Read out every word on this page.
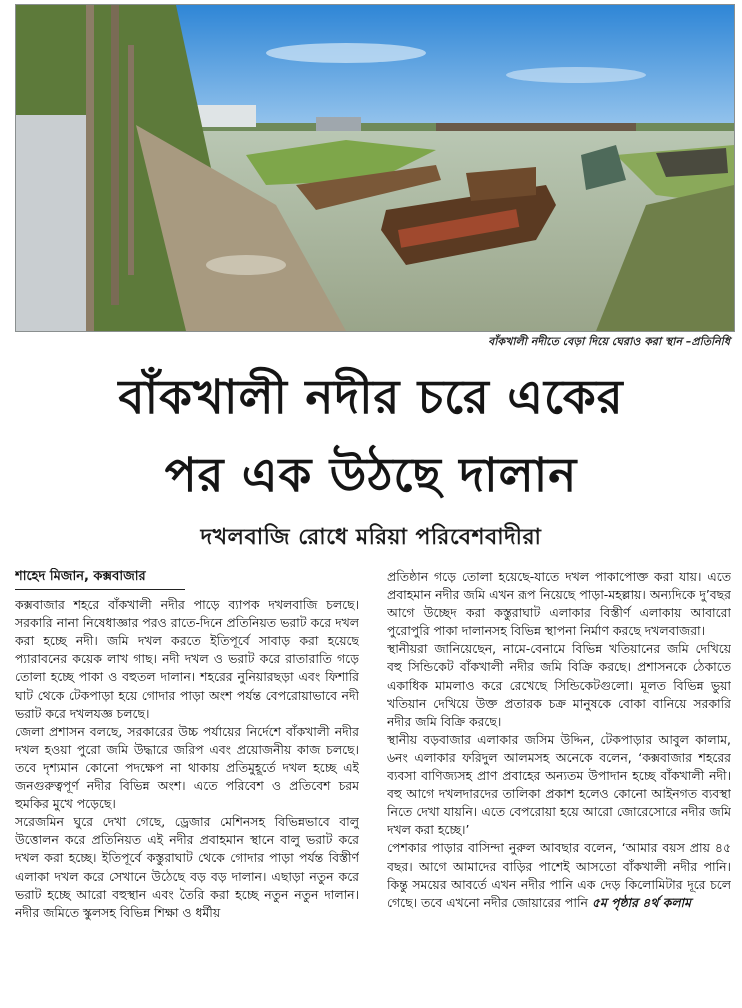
বাঁকখালী নদীতে বেড়া দিয়ে ঘেরাও করা স্থান –প্রতিনিধি
বাঁকখালী নদীর চরে একের
পর এক উঠছে দালান
দখলবাজি রোধে মরিয়া পরিবেশবাদীরা
শাহেদ মিজান, কক্সবাজার

কক্সবাজার শহরে বাঁকখালী নদীর পাড়ে ব্যাপক দখলবাজি চলছে। সরকারি নানা নিষেধাজ্ঞার পরও রাতে-দিনে প্রতিনিয়ত ভরাট করে দখল করা হচ্ছে নদী। জমি দখল করতে ইতিপূর্বে সাবাড় করা হয়েছে প্যারাবনের কয়েক লাখ গাছ। নদী দখল ও ভরাট করে রাতারাতি গড়ে তোলা হচ্ছে পাকা ও বহুতল দালান। শহরের নুনিয়ারছড়া এবং ফিশারি ঘাট থেকে টেকপাড়া হয়ে গোদার পাড়া অংশ পর্যন্ত বেপরোয়াভাবে নদী ভরাট করে দখলযজ্ঞ চলছে।

জেলা প্রশাসন বলছে, সরকারের উচ্চ পর্যায়ের নির্দেশে বাঁকখালী নদীর দখল হওয়া পুরো জমি উদ্ধারে জরিপ এবং প্রয়োজনীয় কাজ চলছে। তবে দৃশ্যমান কোনো পদক্ষেপ না থাকায় প্রতিমুহূর্তে দখল হচ্ছে এই জনগুরুত্বপূর্ণ নদীর বিভিন্ন অংশ। এতে পরিবেশ ও প্রতিবেশ চরম হুমকির মুখে পড়েছে।

সরেজমিন ঘুরে দেখা গেছে, ড্রেজার মেশিনসহ বিভিন্নভাবে বালু উত্তোলন করে প্রতিনিয়ত এই নদীর প্রবাহমান স্থানে বালু ভরাট করে দখল করা হচ্ছে। ইতিপূর্বে কস্তুরাঘাট থেকে গোদার পাড়া পর্যন্ত বিস্তীর্ণ এলাকা দখল করে সেখানে উঠেছে বড় বড় দালান। এছাড়া নতুন করে ভরাট হচ্ছে আরো বহুস্থান এবং তৈরি করা হচ্ছে নতুন নতুন দালান। নদীর জমিতে স্কুলসহ বিভিন্ন শিক্ষা ও ধর্মীয়

প্রতিষ্ঠান গড়ে তোলা হয়েছে-যাতে দখল পাকাপোক্ত করা যায়। এতে প্রবাহমান নদীর জমি এখন রূপ নিয়েছে পাড়া-মহল্লায়। অন্যদিকে দু’বছর আগে উচ্ছেদ করা কস্তুরাঘাট এলাকার বিস্তীর্ণ এলাকায় আবারো পুরোপুরি পাকা দালানসহ বিভিন্ন স্থাপনা নির্মাণ করছে দখলবাজরা।

স্থানীয়রা জানিয়েছেন, নামে-বেনামে বিভিন্ন খতিয়ানের জমি দেখিয়ে বহু সিন্ডিকেট বাঁকখালী নদীর জমি বিক্রি করছে। প্রশাসনকে ঠেকাতে একাধিক মামলাও করে রেখেছে সিন্ডিকেটগুলো। মূলত বিভিন্ন ভুয়া খতিয়ান দেখিয়ে উক্ত প্রতারক চক্র মানুষকে বোকা বানিয়ে সরকারি নদীর জমি বিক্রি করছে।

স্থানীয় বড়বাজার এলাকার জসিম উদ্দিন, টেকপাড়ার আবুল কালাম, ৬নং এলাকার ফরিদুল আলমসহ অনেকে বলেন, ‘কক্সবাজার শহরের ব্যবসা বাণিজ্যসহ প্রাণ প্রবাহের অন্যতম উপাদান হচ্ছে বাঁকখালী নদী। বহু আগে দখলদারদের তালিকা প্রকাশ হলেও কোনো আইনগত ব্যবস্থা নিতে দেখা যায়নি। এতে বেপরোয়া হয়ে আরো জোরেসোরে নদীর জমি দখল করা হচ্ছে।’

পেশকার পাড়ার বাসিন্দা নুরুল আবছার বলেন, ‘আমার বয়স প্রায় ৪৫ বছর। আগে আমাদের বাড়ির পাশেই আসতো বাঁকখালী নদীর পানি। কিন্তু সময়ের আবর্তে এখন নদীর পানি এক দেড় কিলোমিটার দূরে চলে গেছে। তবে এখনো নদীর জোয়ারের পানি ৫ম পৃষ্ঠার ৪র্থ কলাম
